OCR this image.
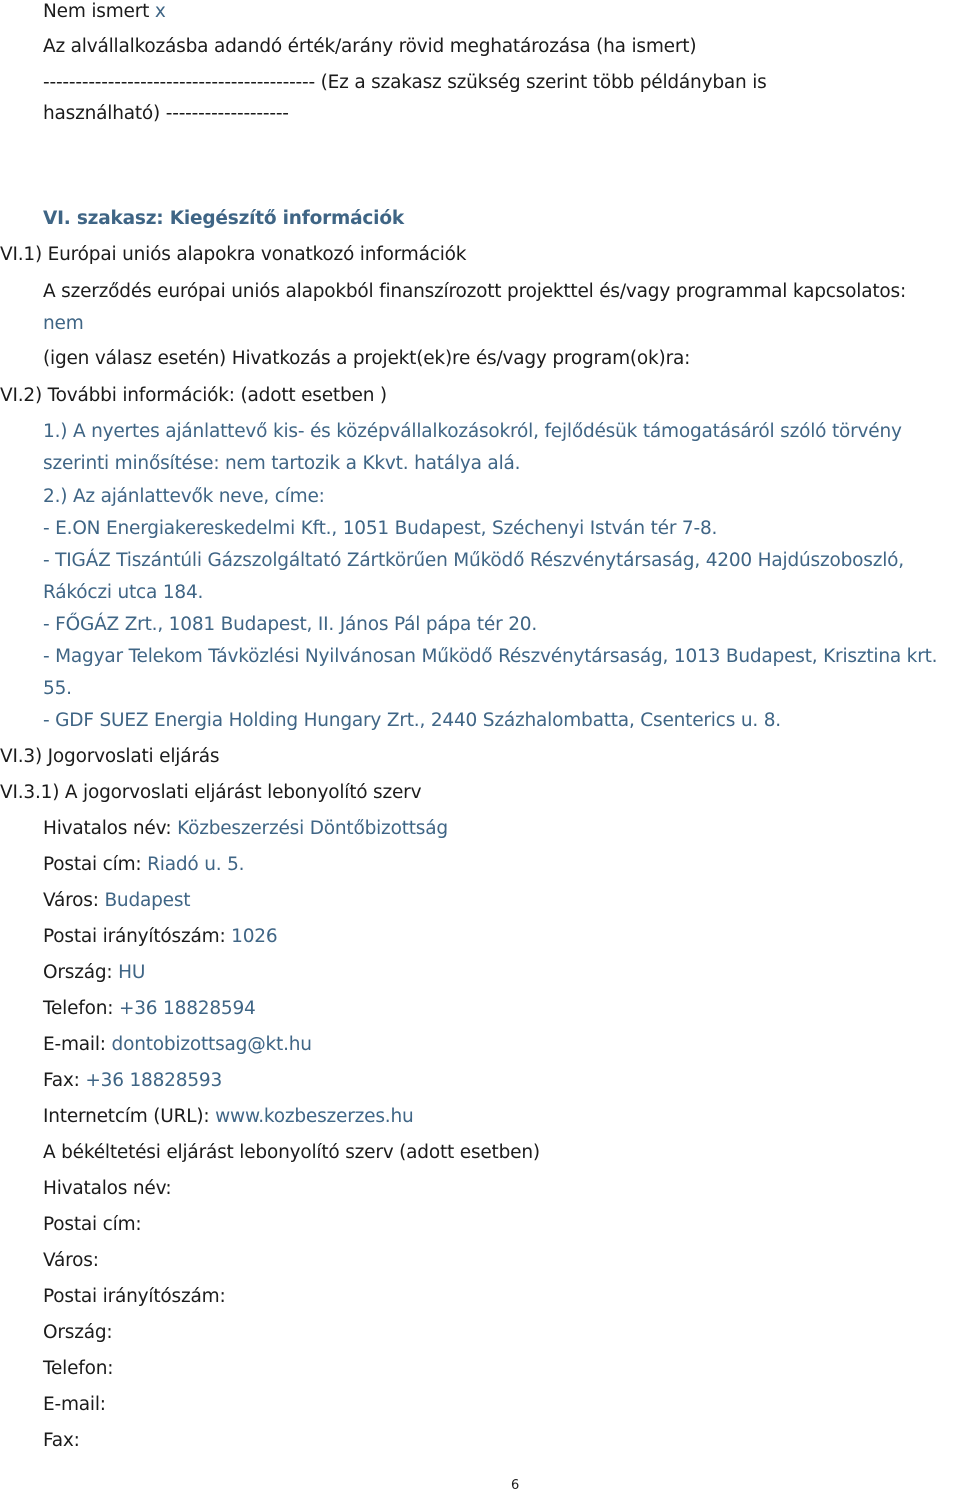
Nem ismert x
Az alvállalkozásba adandó érték/arány rövid meghatározása (ha ismert)
------------------------------------------ (Ez a szakasz szükség szerint több példányban is
használható) -------------------
VI. szakasz: Kiegészítő információk
VI.1) Európai uniós alapokra vonatkozó információk
A szerződés európai uniós alapokból finanszírozott projekttel és/vagy programmal kapcsolatos:
nem
(igen válasz esetén) Hivatkozás a projekt(ek)re és/vagy program(ok)ra:
VI.2) További információk: (adott esetben )
1.) A nyertes ajánlattevő kis- és középvállalkozásokról, fejlődésük támogatásáról szóló törvény
szerinti minősítése: nem tartozik a Kkvt. hatálya alá.
2.) Az ajánlattevők neve, címe:
- E.ON Energiakereskedelmi Kft., 1051 Budapest, Széchenyi István tér 7-8.
- TIGÁZ Tiszántúli Gázszolgáltató Zártkörűen Működő Részvénytársaság, 4200 Hajdúszoboszló,
Rákóczi utca 184.
- FŐGÁZ Zrt., 1081 Budapest, II. János Pál pápa tér 20.
- Magyar Telekom Távközlési Nyilvánosan Működő Részvénytársaság, 1013 Budapest, Krisztina krt.
55.
- GDF SUEZ Energia Holding Hungary Zrt., 2440 Százhalombatta, Csenterics u. 8.
VI.3) Jogorvoslati eljárás
VI.3.1) A jogorvoslati eljárást lebonyolító szerv
Hivatalos név: Közbeszerzési Döntőbizottság
Postai cím: Riadó u. 5.
Város: Budapest
Postai irányítószám: 1026
Ország: HU
Telefon: +36 18828594
E-mail: dontobizottsag@kt.hu
Fax: +36 18828593
Internetcím (URL): www.kozbeszerzes.hu
A békéltetési eljárást lebonyolító szerv (adott esetben)
Hivatalos név:
Postai cím:
Város:
Postai irányítószám:
Ország:
Telefon:
E-mail:
Fax:
6
